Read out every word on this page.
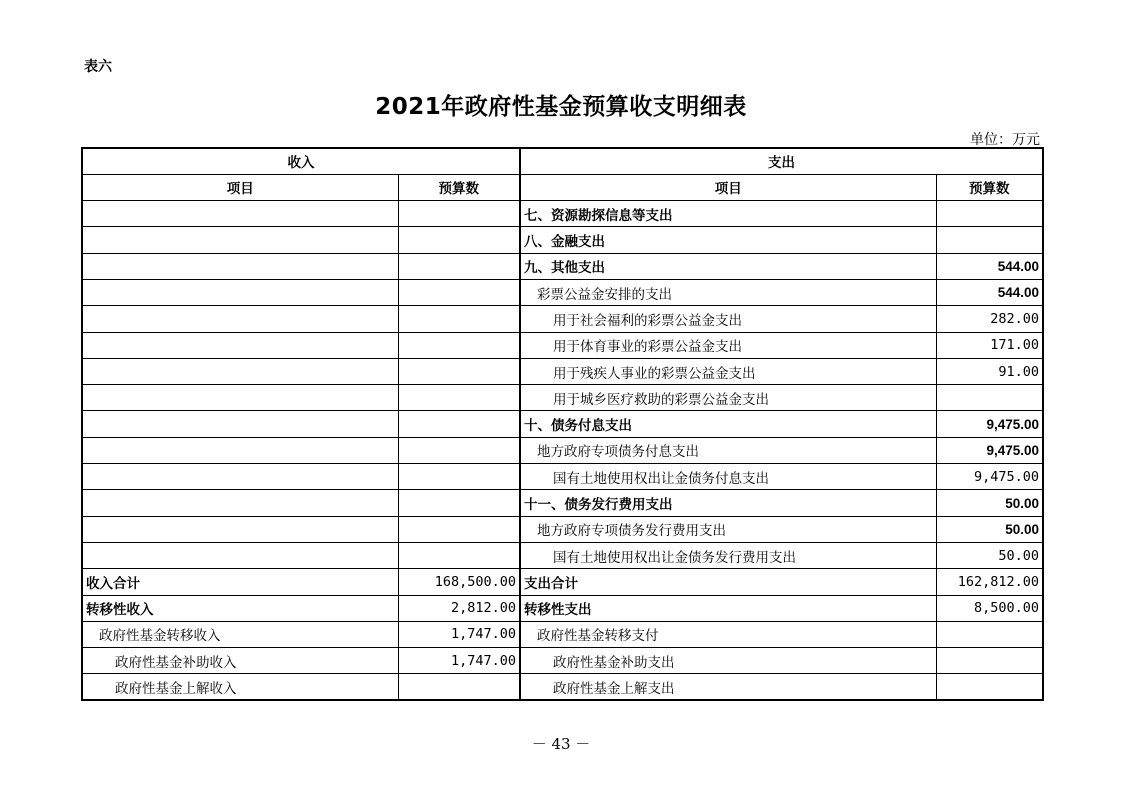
表六
2021年政府性基金预算收支明细表
单位：万元
收入		支出	
项目	预算数	项目	预算数
		七、资源勘探信息等支出	
		八、金融支出	
		九、其他支出	544.00
		彩票公益金安排的支出	544.00
		用于社会福利的彩票公益金支出	282.00
		用于体育事业的彩票公益金支出	171.00
		用于残疾人事业的彩票公益金支出	91.00
		用于城乡医疗救助的彩票公益金支出	
		十、债务付息支出	9,475.00
		地方政府专项债务付息支出	9,475.00
		国有土地使用权出让金债务付息支出	9,475.00
		十一、债务发行费用支出	50.00
		地方政府专项债务发行费用支出	50.00
		国有土地使用权出让金债务发行费用支出	50.00
收入合计	168,500.00	支出合计	162,812.00
转移性收入	2,812.00	转移性支出	8,500.00
政府性基金转移收入	1,747.00	政府性基金转移支付	
政府性基金补助收入	1,747.00	政府性基金补助支出	
政府性基金上解收入		政府性基金上解支出	
－ 43 －
